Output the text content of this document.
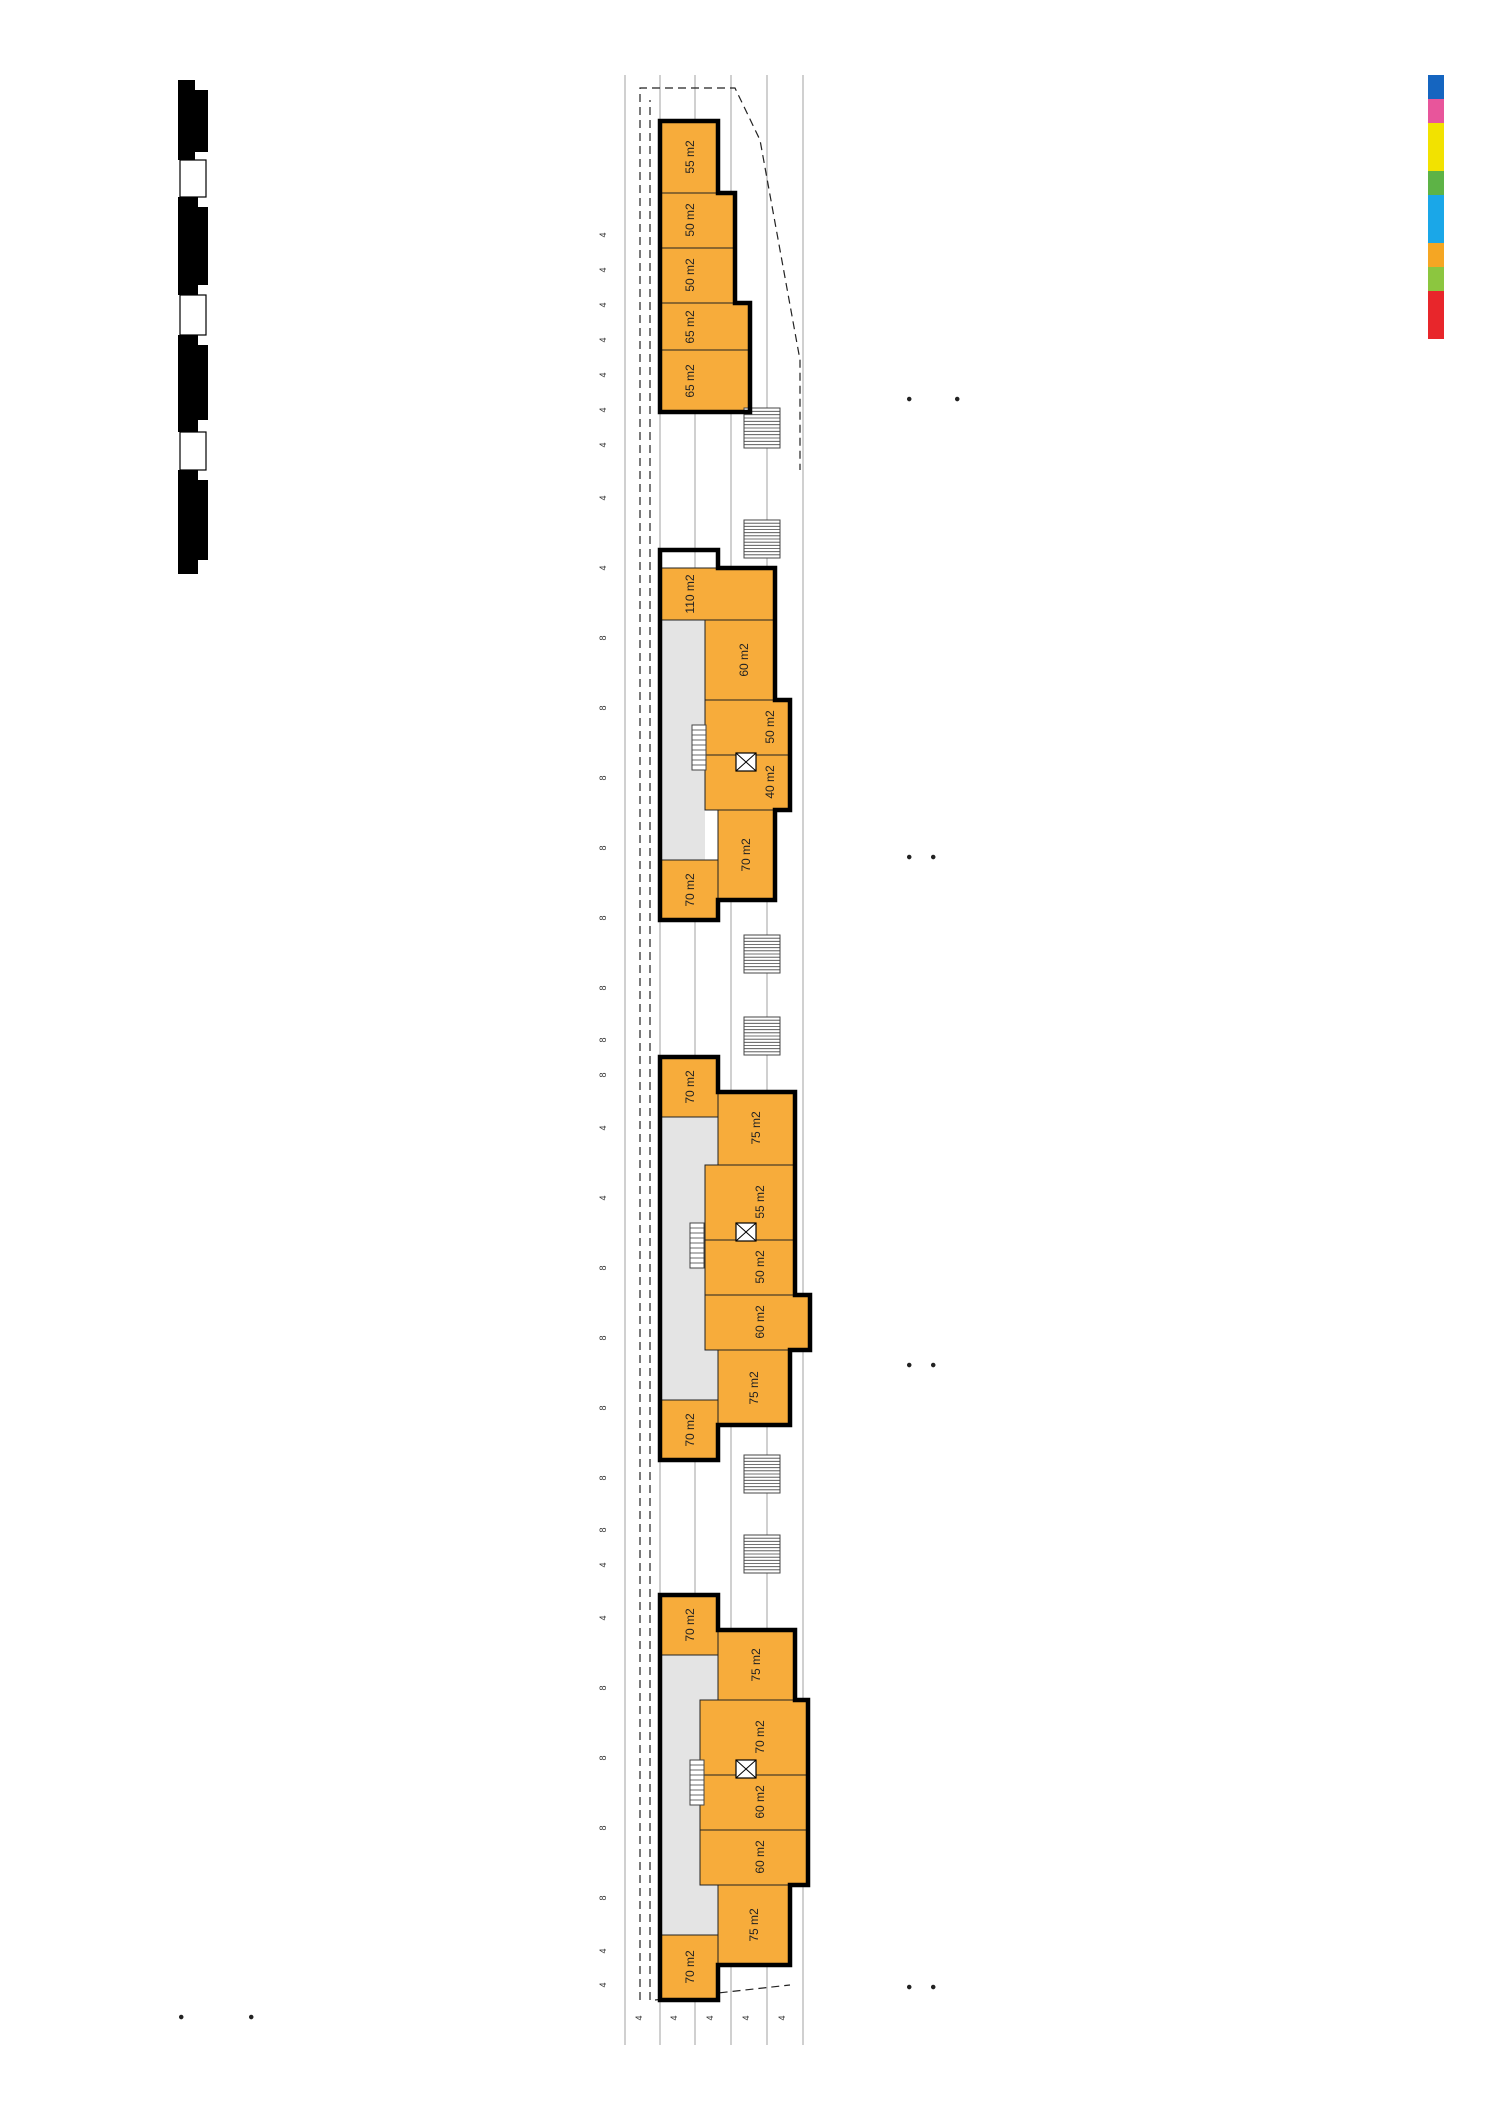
•	•
70 m2
75 m2
60 m2
60 m2
70 m2
75 m2
70 m2
70 m2
75 m2
60 m2
50 m2
55 m2
75 m2
70 m2
70 m2
70 m2
40 m2
50 m2
60 m2
110 m2
65 m2
65 m2
50 m2
50 m2
55 m2
4
4
8
8
8
8
4
4
8
8
8
8
8
4
4
8
8
8
8
8
8
8
8
4
4
4
4
4
4
4
4
4
4	4	4	4	4
• •
• •
• •
• •
